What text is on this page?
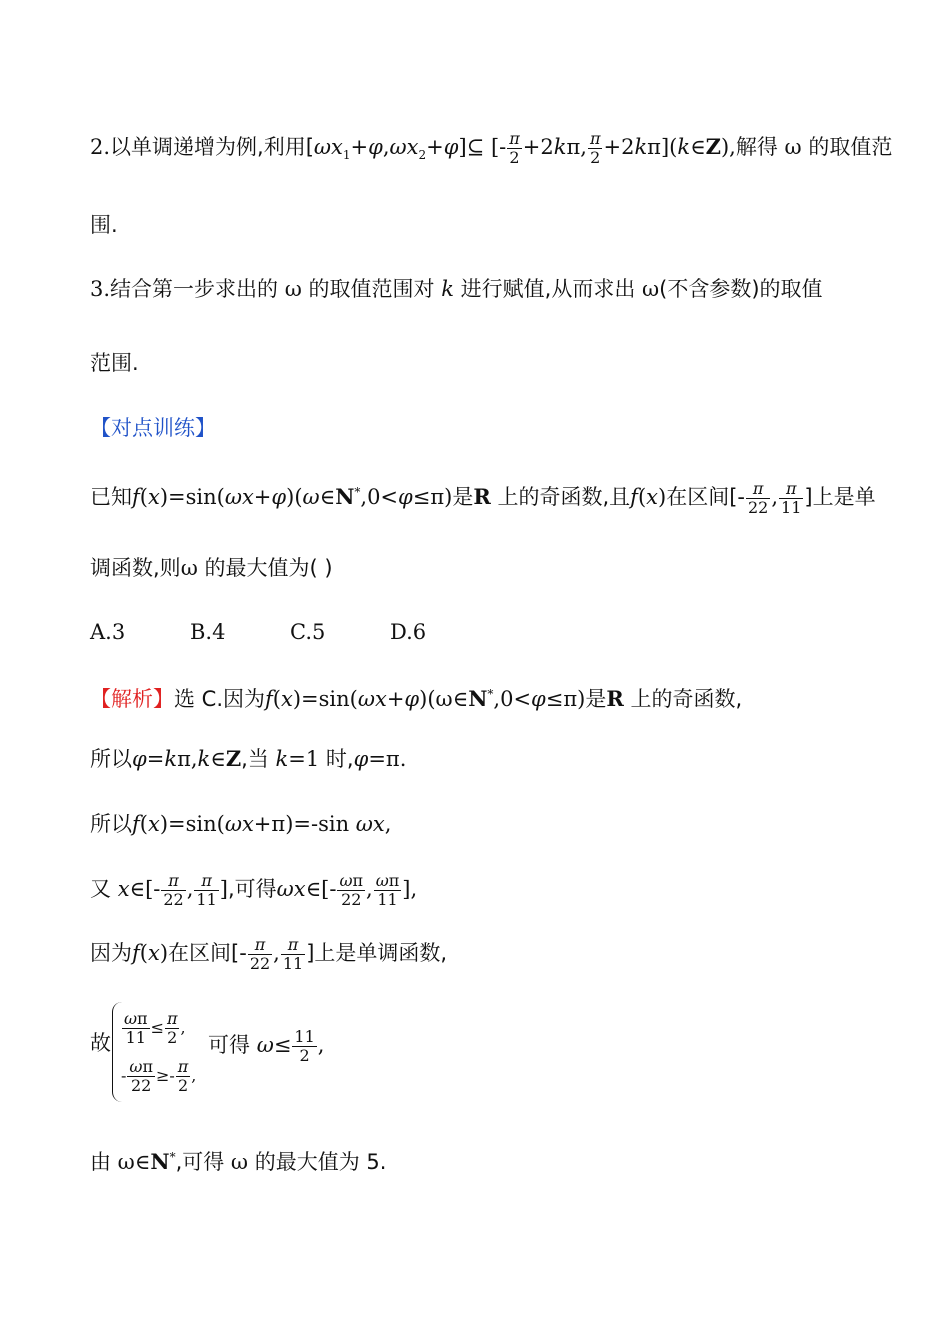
2.以单调递增为例,利用$[\omega x_1+\varphi,\omega x_2+\varphi]⊆$ [- $\frac{\pi}{2} +2k\pi$, $\frac{\pi}{2}$ +2kπ](k∈Z),解得 ω 的取值范
围.
3.结合第一步求出的 ω 的取值范围对 k 进行赋值,从而求出 ω(不含参数)的取值
范围.
【对点训练】
已知f(x)=sin(ωx+φ)(ω∈N*,0<φ≤π)是R 上的奇函数,且f(x)在区间[- $\frac{\pi}{22}$ , $\frac{\pi}{11}$ ]上是单
调函数,则ω 的最大值为( )
A.3	B.4	C.5	D.6
【解析】选 C.因为f(x)=sin(ωx+φ)(ω∈N*,0<φ≤π)是R 上的奇函数,
所以φ=kπ,k∈Z,当 k=1 时,φ=π.
所以f(x)=sin(ωx+π)=-sin ωx,
又 x∈[- $\frac{\pi}{22}$ , $\frac{\pi}{11}$ ],可得ωx∈[- $\frac{\omega\pi}{22}$ , $\frac{\omega\pi}{11}$ ],
因为f(x)在区间[- $\frac{\pi}{22}$ , $\frac{\pi}{11}$ ]上是单调函数,
故 $\frac{\omega\pi}{11} \le \frac{\pi}{2}$ ,
- $\frac{\omega\pi}{22} \ge- \frac{\pi}{2}$ ,
可得 $\omega\le \frac{11}{2}$ ,
由 ω∈N*,可得 ω 的最大值为 5.
